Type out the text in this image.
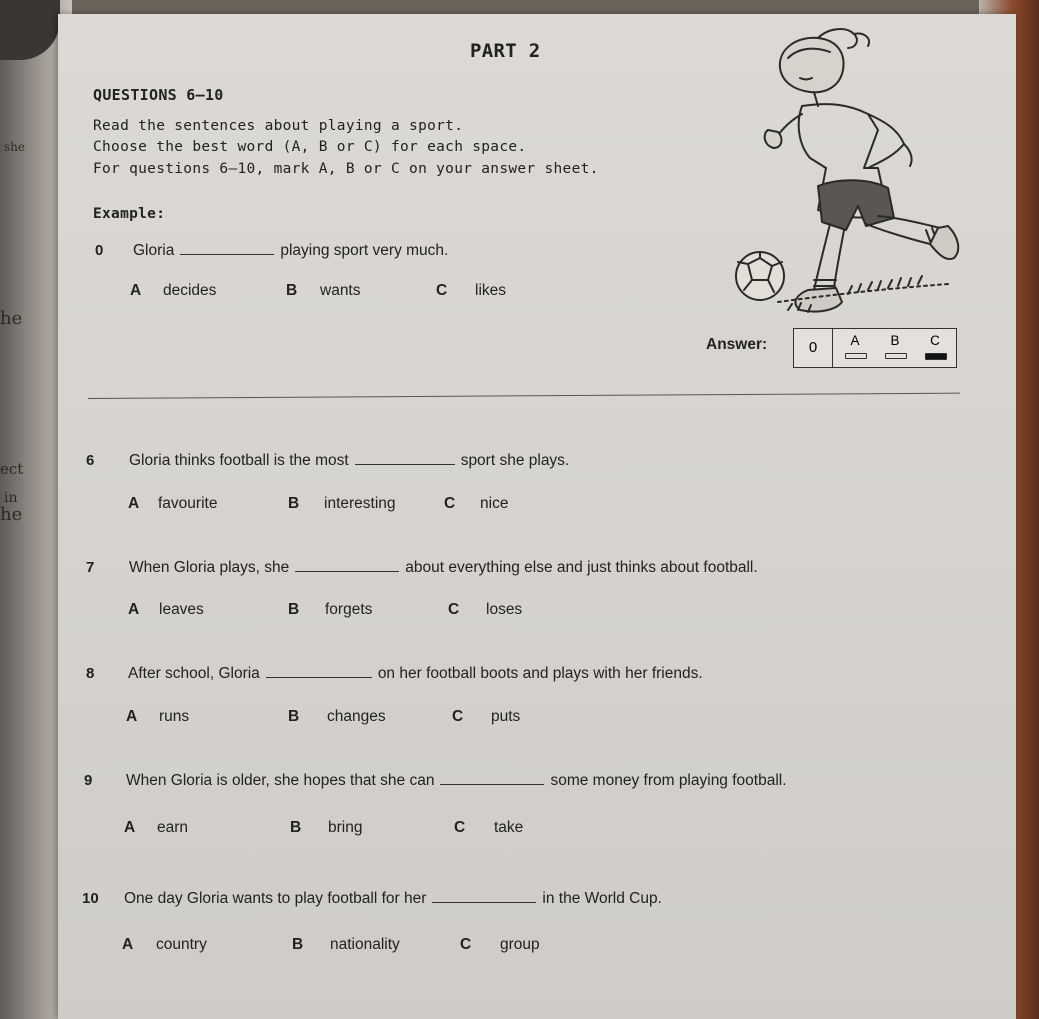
she
he
ect
in
he
PART 2
QUESTIONS 6–10
Read the sentences about playing a sport.
Choose the best word (A, B or C) for each space.
For questions 6–10, mark A, B or C on your answer sheet.
Example:
0 Gloria	playing sport very much.
A decides	B wants	C likes
Answer:	0	A	B	C
6 Gloria thinks football is the most	sport she plays.
A favourite	B interesting	C nice
7 When Gloria plays, she	about everything else and just thinks about football.
A leaves	B forgets	C loses
8 After school, Gloria	on her football boots and plays with her friends.
A runs	B changes	C puts
9 When Gloria is older, she hopes that she can	some money from playing football.
A earn	B bring	C take
10 One day Gloria wants to play football for her	in the World Cup.
A country	B nationality	C group
